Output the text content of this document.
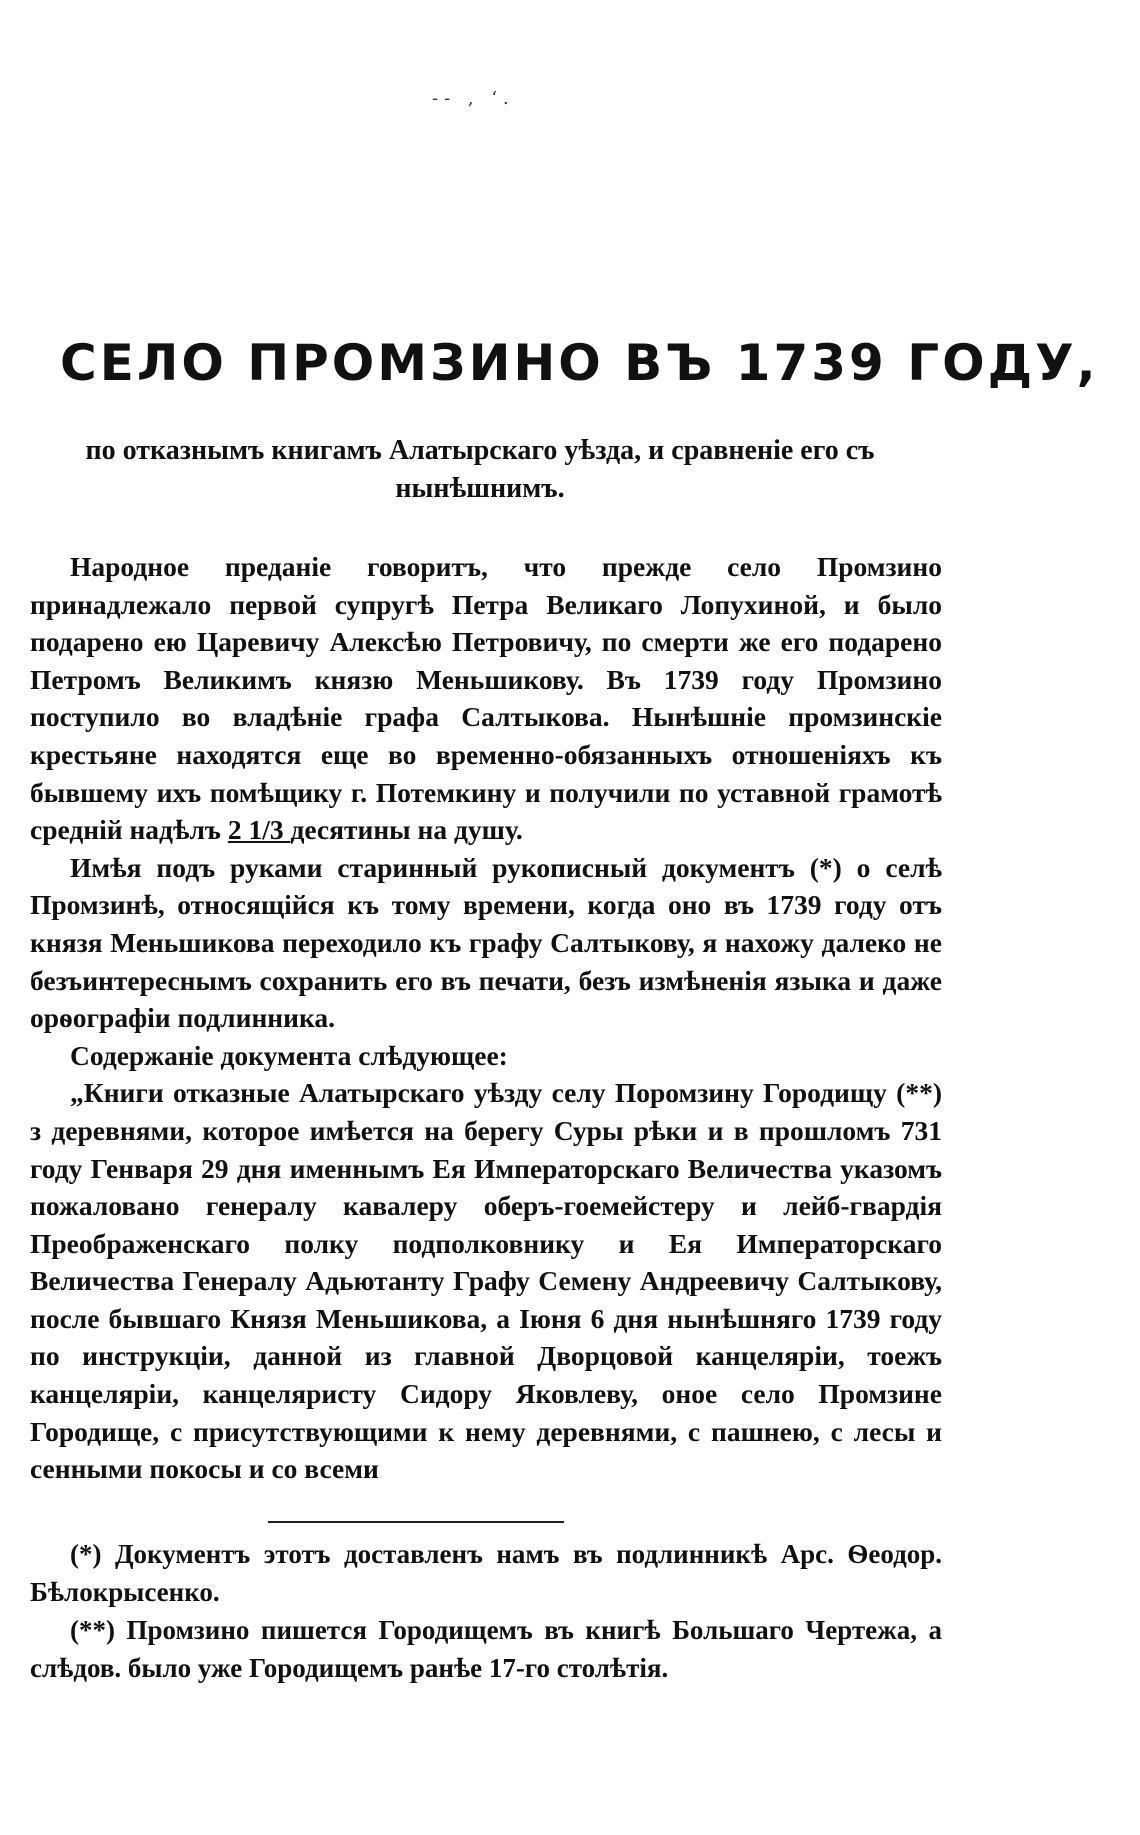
-- , ‘.
СЕЛО ПРОМЗИНО ВЪ 1739 ГОДУ,
по отказнымъ книгамъ Алатырскаго уѣзда, и сравненіе его съ нынѣшнимъ.

Народное преданіе говоритъ, что прежде село Промзино принадлежало первой супругѣ Петра Великаго Лопухиной, и было подарено ею Царевичу Алексѣю Петровичу, по смерти же его подарено Петромъ Великимъ князю Меньшикову. Въ 1739 году Промзино поступило во владѣніе графа Салтыкова. Нынѣшніе промзинскіе крестьяне находятся еще во временно-обязанныхъ отношеніяхъ къ бывшему ихъ помѣщику г. Потемкину и получили по уставной грамотѣ средній надѣлъ 2 1/3 десятины на душу.

Имѣя подъ руками старинный рукописный документъ (*) о селѣ Промзинѣ, относящійся къ тому времени, когда оно въ 1739 году отъ князя Меньшикова переходило къ графу Салтыкову, я нахожу далеко не безъинтереснымъ сохранить его въ печати, безъ измѣненія языка и даже орѳографіи подлинника.

Содержаніе документа слѣдующее:

„Книги отказные Алатырскаго уѣзду селу Поромзину Городищу (**) з деревнями, которое имѣется на берегу Суры рѣки и в прошломъ 731 году Генваря 29 дня именнымъ Ея Императорскаго Величества указомъ пожаловано генералу кавалеру оберъ-гоемейстеру и лейб-гвардія Преображенскаго полку подполковнику и Ея Императорскаго Величества Генералу Адьютанту Графу Семену Андреевичу Салтыкову, после бывшаго Князя Меньшикова, а Іюня 6 дня нынѣшняго 1739 году по инструкціи, данной из главной Дворцовой канцеляріи, тоежъ канцеляріи, канцеляристу Сидору Яковлеву, оное село Промзине Городище, с присутствующими к нему деревнями, с пашнею, с лесы и сенными покосы и со всеми

(*) Документъ этотъ доставленъ намъ въ подлинникѣ Арс. Ѳеодор. Бѣлокрысенко.

(**) Промзино пишется Городищемъ въ книгѣ Большаго Чертежа, а слѣдов. было уже Городищемъ ранѣе 17-го столѣтія.
